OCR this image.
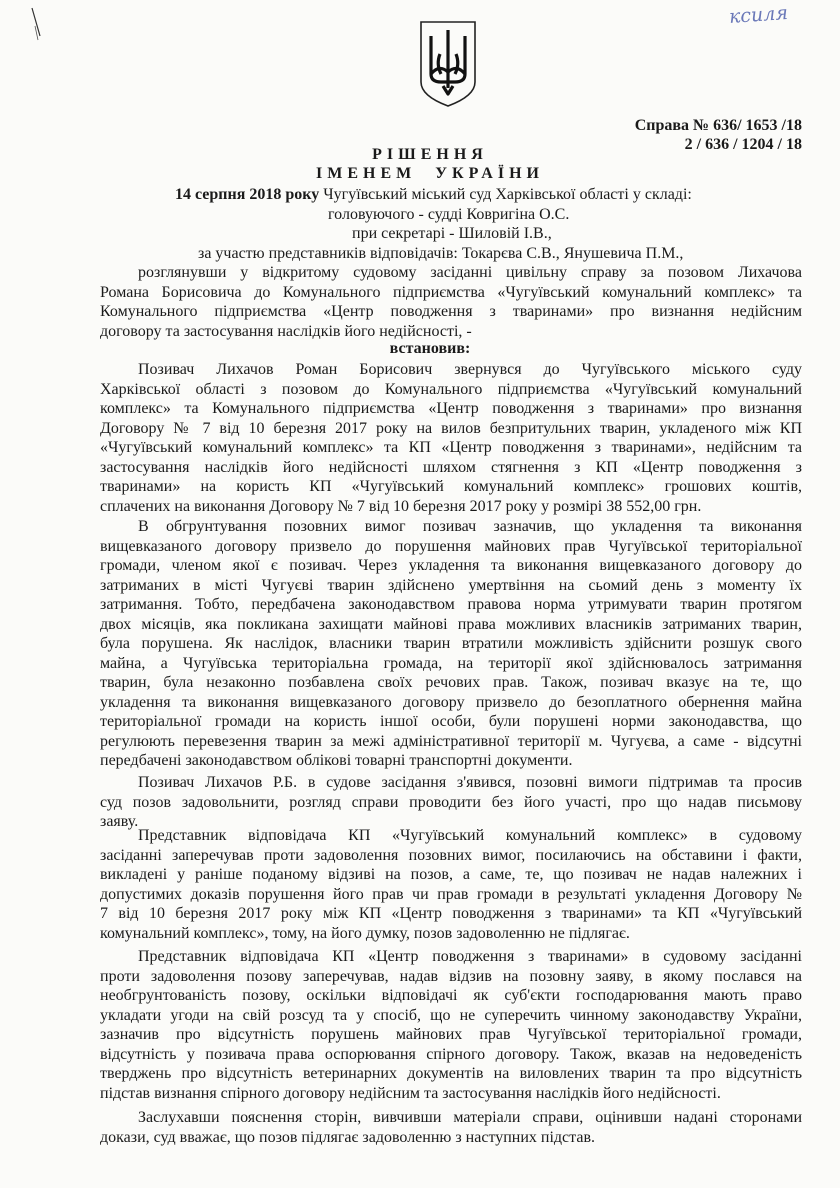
ксиля
Справа № 636/ 1653 /18
2 / 636 / 1204 / 18
РІШЕННЯ
ІМЕНЕМ УКРАЇНИ
14 серпня 2018 року Чугуївський міський суд Харківської області у складі:
головуючого - судді Ковригіна О.С.
при секретарі - Шиловій І.В.,
за участю представників відповідачів: Токарєва С.В., Янушевича П.М.,
розглянувши у відкритому судовому засіданні цивільну справу за позовом Лихачова
Романа Борисовича до Комунального підприємства «Чугуївський комунальний комплекс» та
Комунального підприємства «Центр поводження з тваринами» про визнання недійсним
договору та застосування наслідків його недійсності, -
встановив:
Позивач Лихачов Роман Борисович звернувся до Чугуївського міського суду
Харківської області з позовом до Комунального підприємства «Чугуївський комунальний
комплекс» та Комунального підприємства «Центр поводження з тваринами» про визнання
Договору № 7 від 10 березня 2017 року на вилов безпритульних тварин, укладеного між КП
«Чугуївський комунальний комплекс» та КП «Центр поводження з тваринами», недійсним та
застосування наслідків його недійсності шляхом стягнення з КП «Центр поводження з
тваринами» на користь КП «Чугуївський комунальний комплекс» грошових коштів,
сплачених на виконання Договору № 7 від 10 березня 2017 року у розмірі 38 552,00 грн.
В обгрунтування позовних вимог позивач зазначив, що укладення та виконання
вищевказаного договору призвело до порушення майнових прав Чугуївської територіальної
громади, членом якої є позивач. Через укладення та виконання вищевказаного договору до
затриманих в місті Чугуєві тварин здійснено умертвіння на сьомий день з моменту їх
затримання. Тобто, передбачена законодавством правова норма утримувати тварин протягом
двох місяців, яка покликана захищати майнові права можливих власників затриманих тварин,
була порушена. Як наслідок, власники тварин втратили можливість здійснити розшук свого
майна, а Чугуївська територіальна громада, на території якої здійснювалось затримання
тварин, була незаконно позбавлена своїх речових прав. Також, позивач вказує на те, що
укладення та виконання вищевказаного договору призвело до безоплатного обернення майна
територіальної громади на користь іншої особи, були порушені норми законодавства, що
регулюють перевезення тварин за межі адміністративної території м. Чугуєва, а саме - відсутні
передбачені законодавством облікові товарні транспортні документи.
Позивач Лихачов Р.Б. в судове засідання з'явився, позовні вимоги підтримав та просив
суд позов задовольнити, розгляд справи проводити без його участі, про що надав письмову
заяву.
Представник відповідача КП «Чугуївський комунальний комплекс» в судовому
засіданні заперечував проти задоволення позовних вимог, посилаючись на обставини і факти,
викладені у раніше поданому відзиві на позов, а саме, те, що позивач не надав належних і
допустимих доказів порушення його прав чи прав громади в результаті укладення Договору №
7 від 10 березня 2017 року між КП «Центр поводження з тваринами» та КП «Чугуївський
комунальний комплекс», тому, на його думку, позов задоволенню не підлягає.
Представник відповідача КП «Центр поводження з тваринами» в судовому засіданні
проти задоволення позову заперечував, надав відзив на позовну заяву, в якому послався на
необгрунтованість позову, оскільки відповідачі як суб'єкти господарювання мають право
укладати угоди на свій розсуд та у спосіб, що не суперечить чинному законодавству України,
зазначив про відсутність порушень майнових прав Чугуївської територіальної громади,
відсутність у позивача права оспорювання спірного договору. Також, вказав на недоведеність
тверджень про відсутність ветеринарних документів на виловлених тварин та про відсутність
підстав визнання спірного договору недійсним та застосування наслідків його недійсності.
Заслухавши пояснення сторін, вивчивши матеріали справи, оцінивши надані сторонами
докази, суд вважає, що позов підлягає задоволенню з наступних підстав.
